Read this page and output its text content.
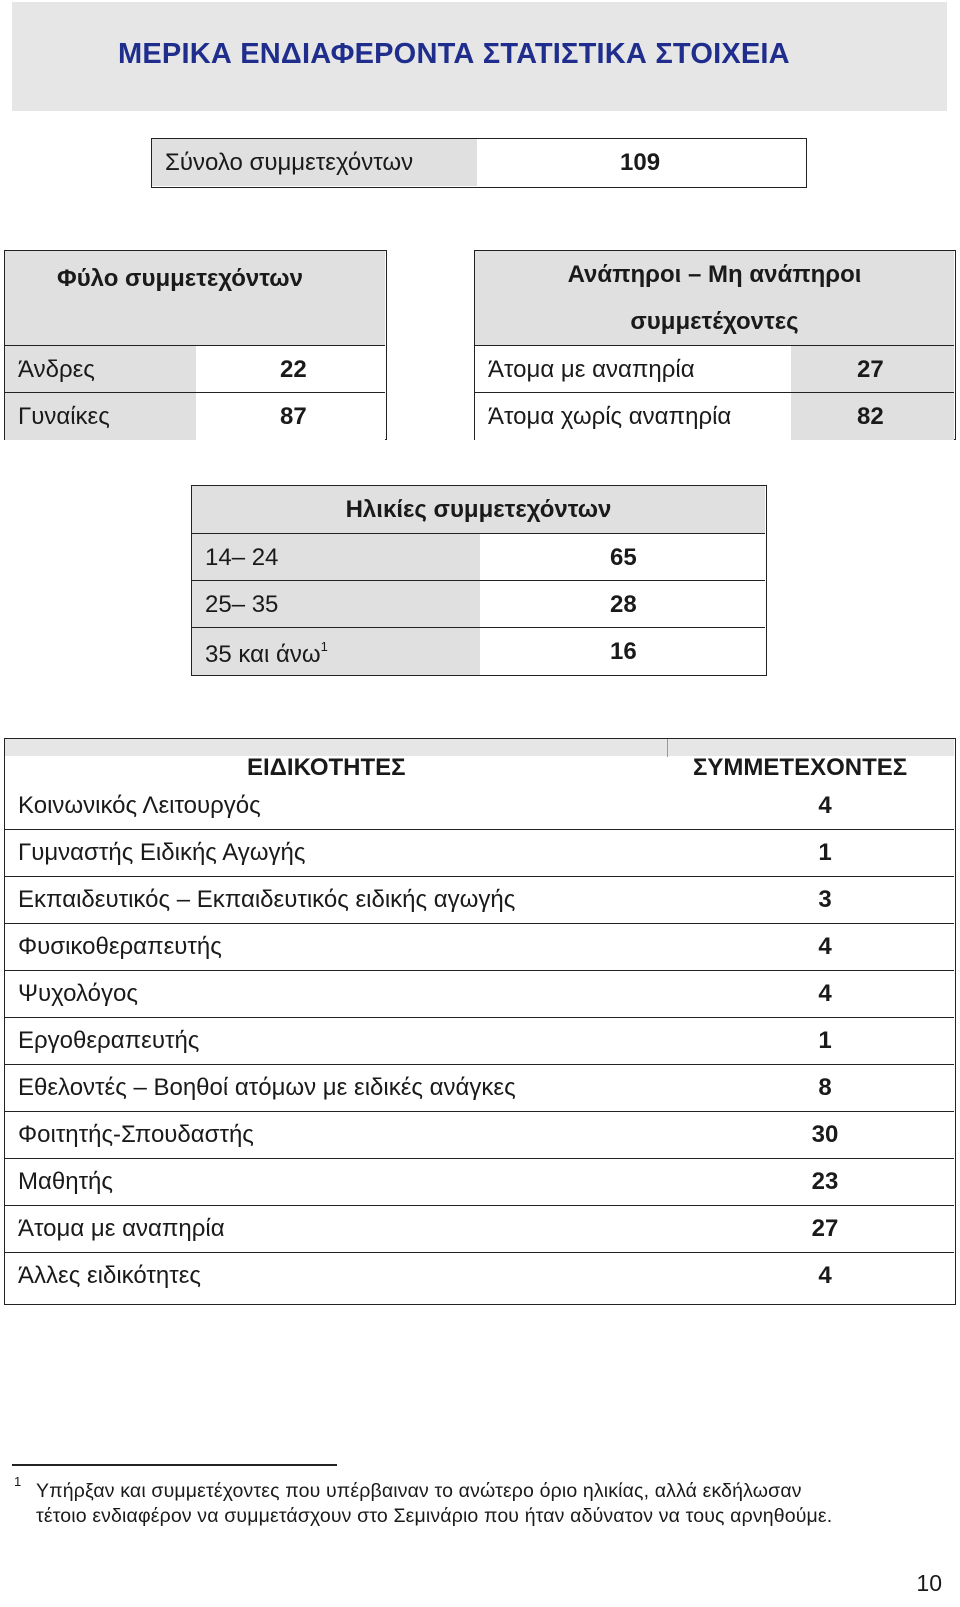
ΜΕΡΙΚΑ ΕΝΔΙΑΦΕΡΟΝΤΑ ΣΤΑΤΙΣΤΙΚΑ ΣΤΟΙΧΕΙΑ
Σύνολο συμμετεχόντων	109
Φύλο συμμετεχόντων
Άνδρες	22
Γυναίκες	87
Ανάπηροι – Μη ανάπηροι
συμμετέχοντες
Άτομα με αναπηρία	27
Άτομα χωρίς αναπηρία	82
Ηλικίες συμμετεχόντων
14– 24	65
25– 35	28
35 και άνω$^1$	16
ΕΙΔΙΚΟΤΗΤΕΣ	ΣΥΜΜΕΤΕΧΟΝΤΕΣ
Κοινωνικός Λειτουργός	4
Γυμναστής Ειδικής Αγωγής	1
Εκπαιδευτικός – Εκπαιδευτικός ειδικής αγωγής	3
Φυσικοθεραπευτής	4
Ψυχολόγος	4
Εργοθεραπευτής	1
Εθελοντές – Βοηθοί ατόμων με ειδικές ανάγκες	8
Φοιτητής-Σπουδαστής	30
Μαθητής	23
Άτομα με αναπηρία	27
Άλλες ειδικότητες	4
1 Υπήρξαν και συμμετέχοντες που υπέρβαιναν το ανώτερο όριο ηλικίας, αλλά εκδήλωσαν
τέτοιο ενδιαφέρον να συμμετάσχουν στο Σεμινάριο που ήταν αδύνατον να τους αρνηθούμε.
10
